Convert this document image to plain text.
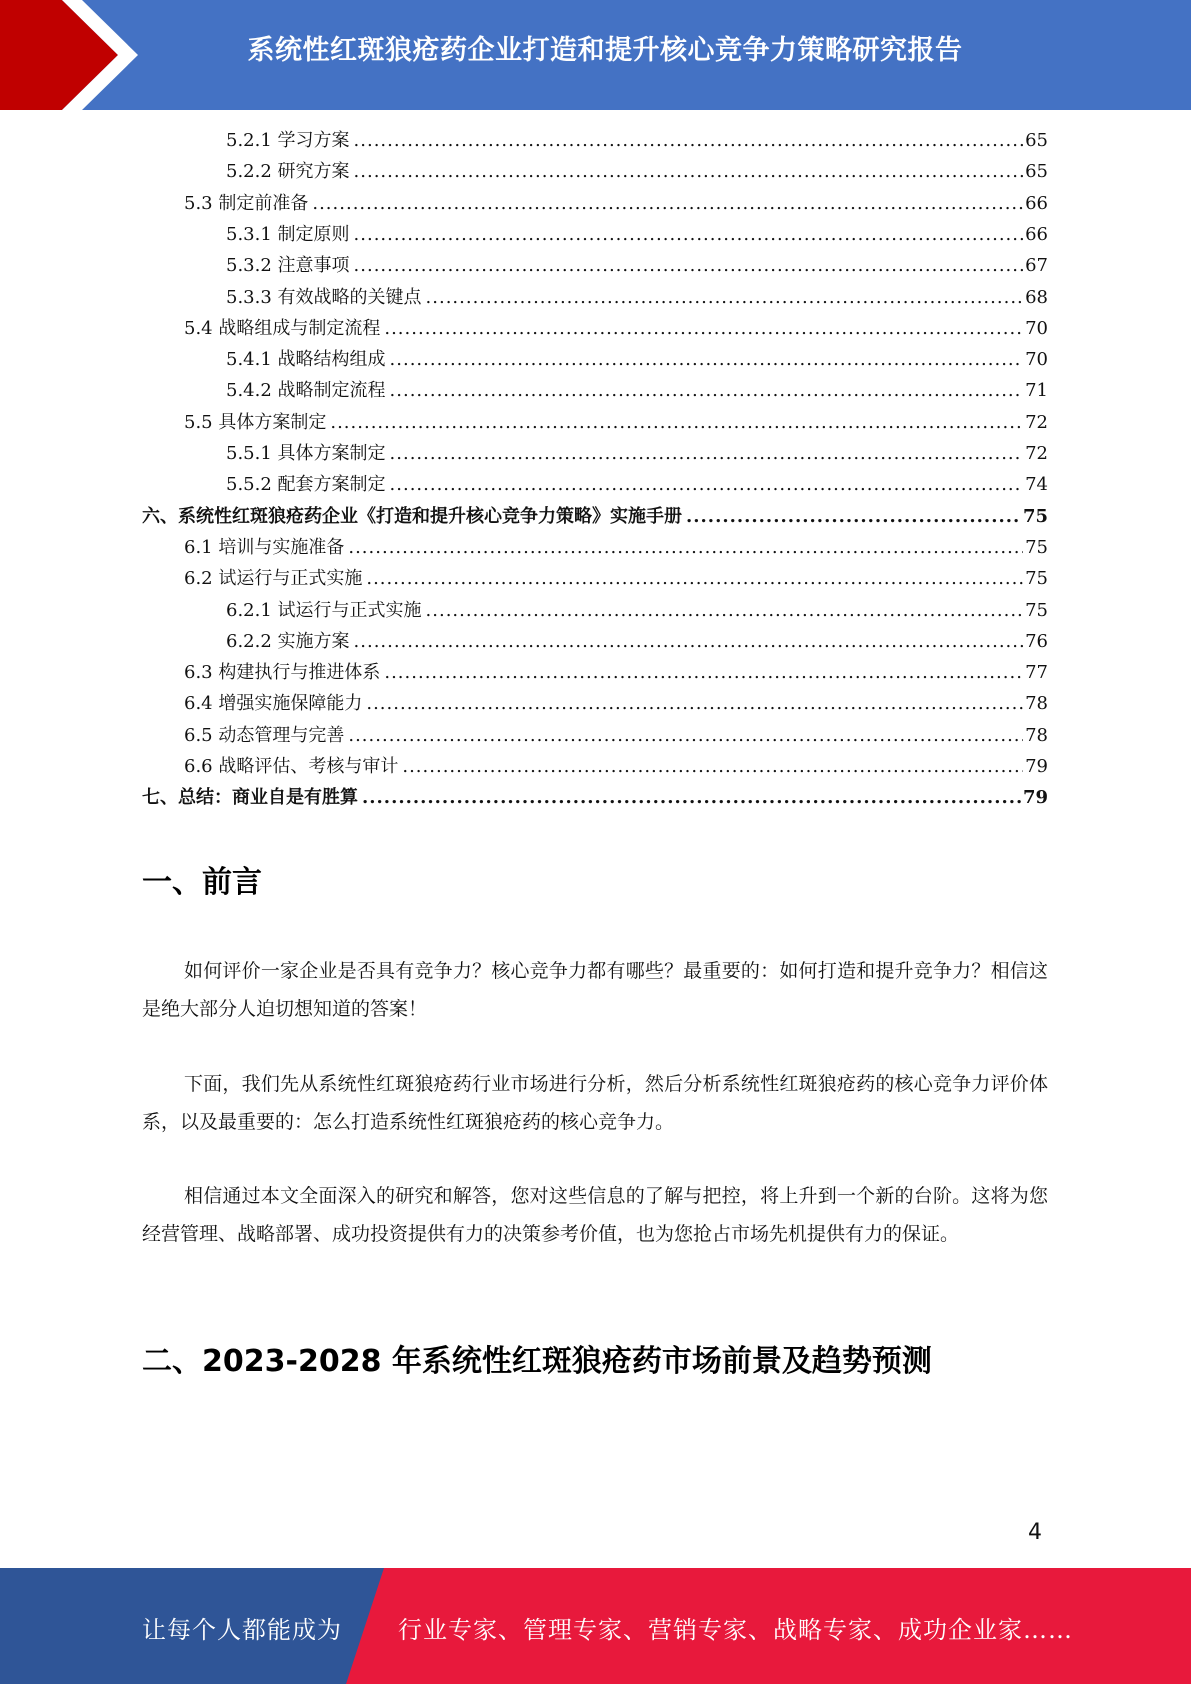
系统性红斑狼疮药企业打造和提升核心竞争力策略研究报告
5.2.1 学习方案 .....	65
5.2.2 研究方案 .....	65
5.3 制定前准备 .....	66
5.3.1 制定原则 .....	66
5.3.2 注意事项 .....	67
5.3.3 有效战略的关键点 .....	68
5.4 战略组成与制定流程 .....	70
5.4.1 战略结构组成 .....	70
5.4.2 战略制定流程 .....	71
5.5 具体方案制定 .....	72
5.5.1 具体方案制定 .....	72
5.5.2 配套方案制定 .....	74
六、系统性红斑狼疮药企业《打造和提升核心竞争力策略》实施手册 .....	75
6.1 培训与实施准备 .....	75
6.2 试运行与正式实施 .....	75
6.2.1 试运行与正式实施 .....	75
6.2.2 实施方案 .....	76
6.3 构建执行与推进体系 .....	77
6.4 增强实施保障能力 .....	78
6.5 动态管理与完善 .....	78
6.6 战略评估、考核与审计 .....	79
七、总结：商业自是有胜算 .....	79
一、前言
如何评价一家企业是否具有竞争力？核心竞争力都有哪些？最重要的：如何打造和提升竞争力？相信这是绝大部分人迫切想知道的答案！
下面，我们先从系统性红斑狼疮药行业市场进行分析，然后分析系统性红斑狼疮药的核心竞争力评价体系，以及最重要的：怎么打造系统性红斑狼疮药的核心竞争力。
相信通过本文全面深入的研究和解答，您对这些信息的了解与把控，将上升到一个新的台阶。这将为您经营管理、战略部署、成功投资提供有力的决策参考价值，也为您抢占市场先机提供有力的保证。
二、2023-2028 年系统性红斑狼疮药市场前景及趋势预测
4
让每个人都能成为 行业专家、管理专家、营销专家、战略专家、成功企业家……
